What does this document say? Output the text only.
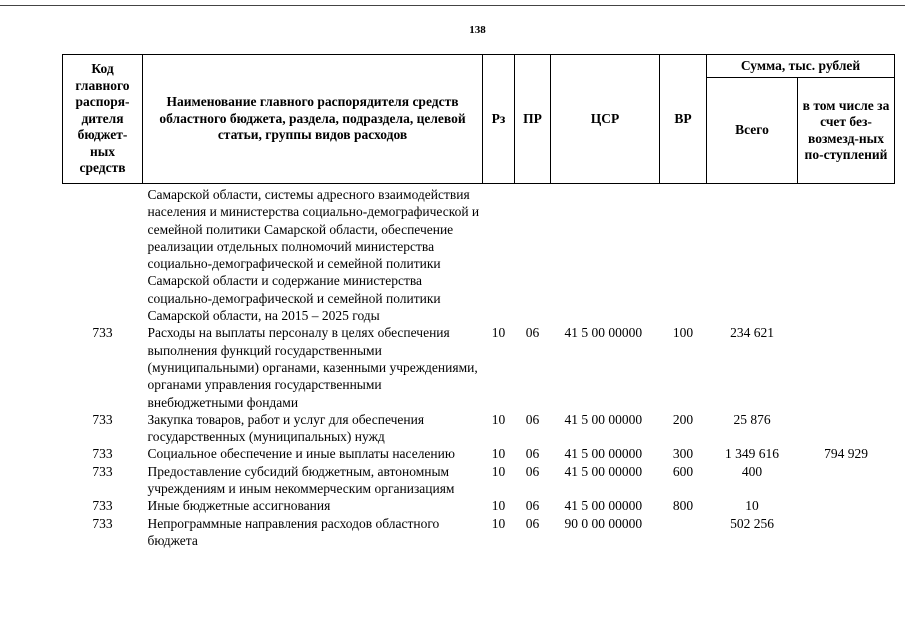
138
Код главного распоря-дителя бюджет-ных средств	Наименование главного распорядителя средств областного бюджета, раздела, подраздела, целевой статьи, группы видов расходов	Рз	ПР	ЦСР	ВР	Сумма, тыс. рублей	
						Всего	в том числе за счет без-возмезд-ных по-ступлений
	Самарской области, системы адресного взаимодействия населения и министерства социально-демографической и семейной политики Самарской области, обеспечение реализации отдельных полномочий министерства социально-демографической и семейной политики Самарской области и содержание министерства социально-демографической и семейной политики Самарской области, на 2015 – 2025 годы						
733	Расходы на выплаты персоналу в целях обеспечения выполнения функций государственными (муниципальными) органами, казенными учреждениями, органами управления государственными внебюджетными фондами	10	06	41 5 00 00000	100	234 621	
733	Закупка товаров, работ и услуг для обеспечения государственных (муниципальных) нужд	10	06	41 5 00 00000	200	25 876	
733	Социальное обеспечение и иные выплаты населению	10	06	41 5 00 00000	300	1 349 616	794 929
733	Предоставление субсидий бюджетным, автономным учреждениям и иным некоммерческим организациям	10	06	41 5 00 00000	600	400	
733	Иные бюджетные ассигнования	10	06	41 5 00 00000	800	10	
733	Непрограммные направления расходов областного бюджета	10	06	90 0 00 00000		502 256	
